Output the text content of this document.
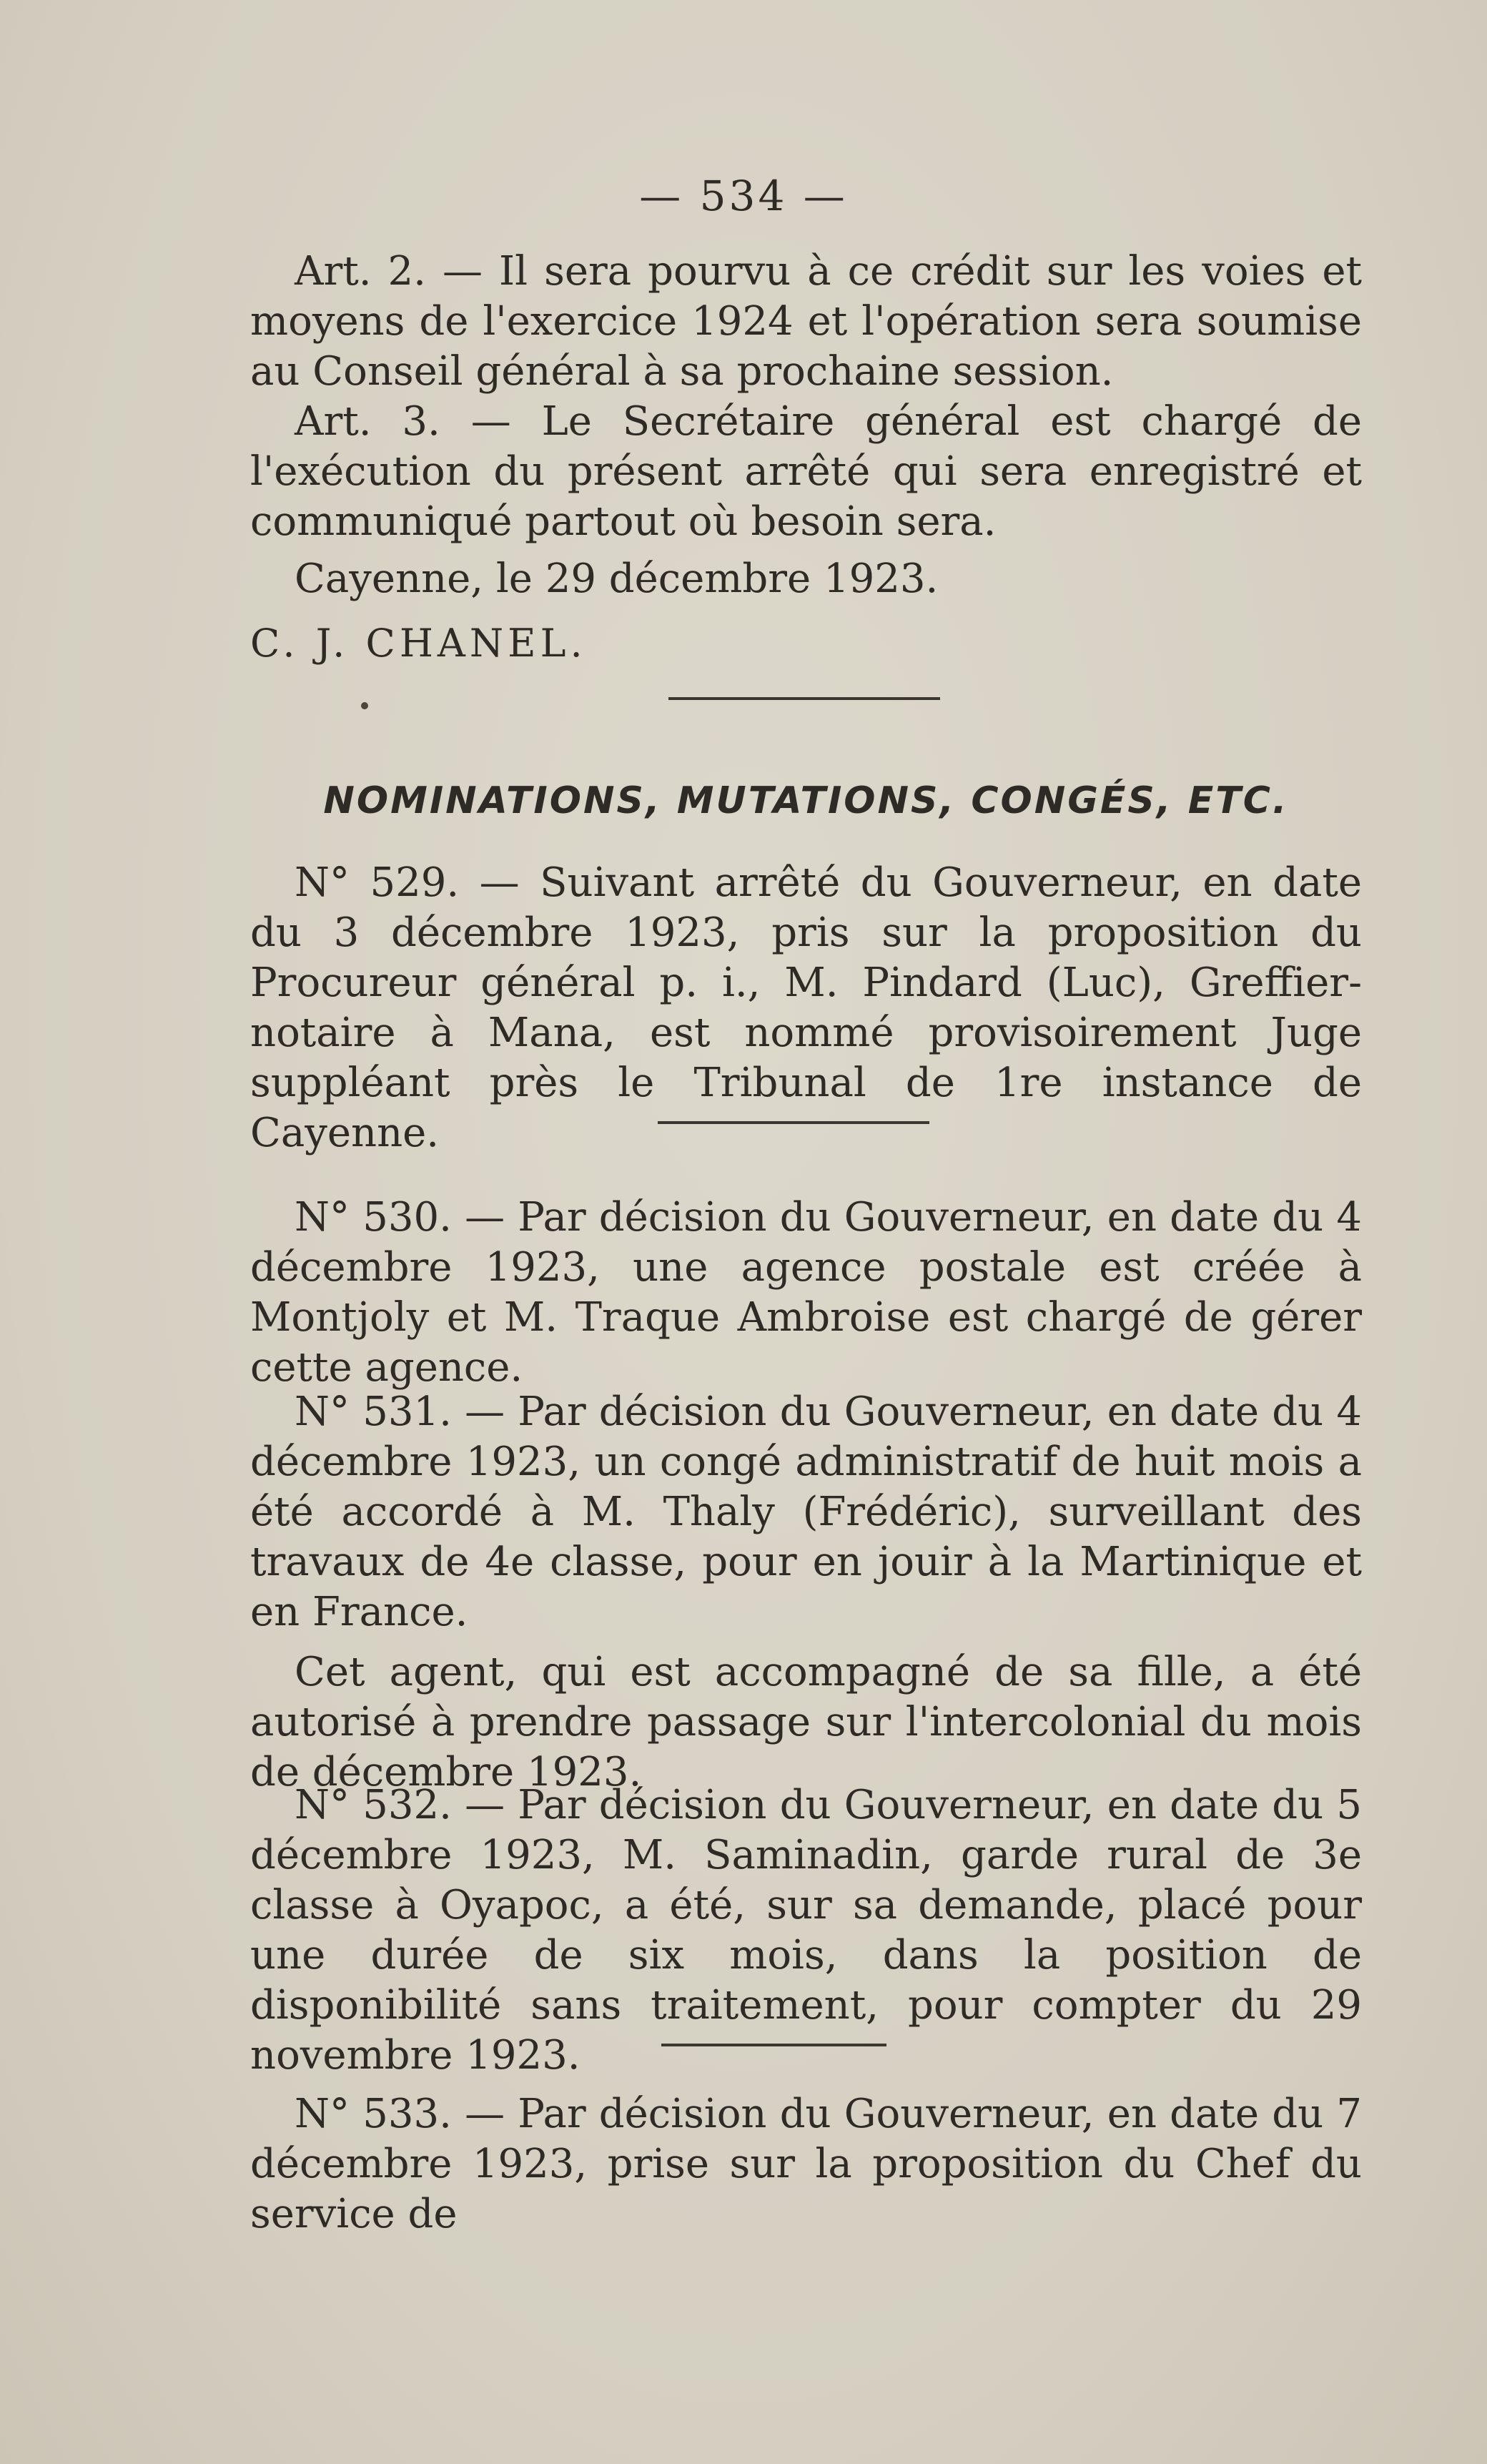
— 534 —

Art. 2. — Il sera pourvu à ce crédit sur les voies et moyens de l'exercice 1924 et l'opération sera soumise au Conseil général à sa prochaine session.

Art. 3. — Le Secrétaire général est chargé de l'exécution du présent arrêté qui sera enregistré et communiqué partout où besoin sera.

Cayenne, le 29 décembre 1923.

C. J. CHANEL.

NOMINATIONS, MUTATIONS, CONGÉS, ETC.

N° 529. — Suivant arrêté du Gouverneur, en date du 3 décembre 1923, pris sur la proposition du Procureur général p. i., M. Pindard (Luc), Greffier-notaire à Mana, est nommé provisoirement Juge suppléant près le Tribunal de 1re instance de Cayenne.

N° 530. — Par décision du Gouverneur, en date du 4 décembre 1923, une agence postale est créée à Montjoly et M. Traque Ambroise est chargé de gérer cette agence.

N° 531. — Par décision du Gouverneur, en date du 4 décembre 1923, un congé administratif de huit mois a été accordé à M. Thaly (Frédéric), surveillant des travaux de 4e classe, pour en jouir à la Martinique et en France.

Cet agent, qui est accompagné de sa fille, a été autorisé à prendre passage sur l'intercolonial du mois de décembre 1923.

N° 532. — Par décision du Gouverneur, en date du 5 décembre 1923, M. Saminadin, garde rural de 3e classe à Oyapoc, a été, sur sa demande, placé pour une durée de six mois, dans la position de disponibilité sans traitement, pour compter du 29 novembre 1923.

N° 533. — Par décision du Gouverneur, en date du 7 décembre 1923, prise sur la proposition du Chef du service de
